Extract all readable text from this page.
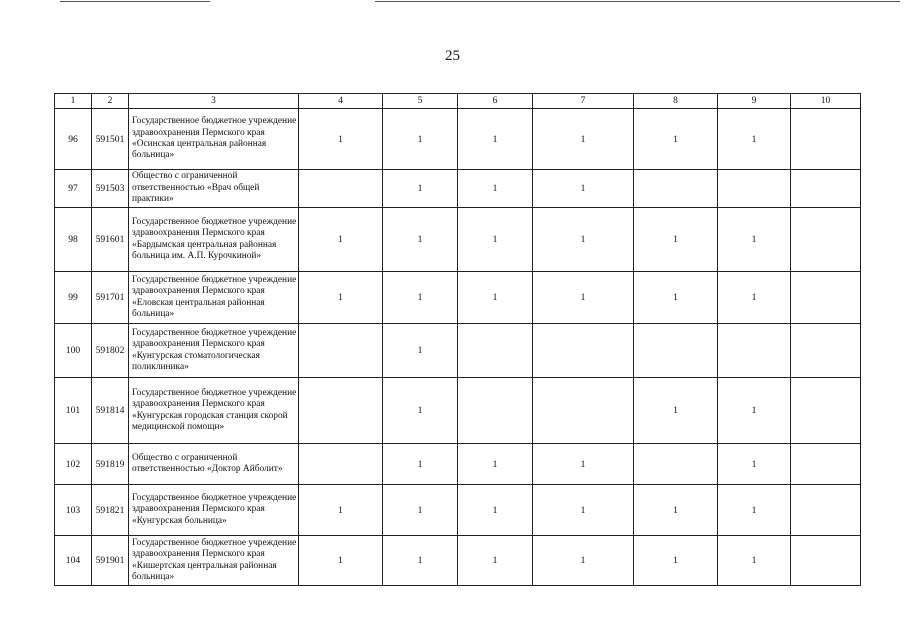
25
1	2	3	4	5	6	7	8	9	10
96	591501	Государственное бюджетное учреждение здравоохранения Пермского края «Осинская центральная районная больница»	1	1	1	1	1	1	
97	591503	Общество с ограниченной ответственностью «Врач общей практики»		1	1	1			
98	591601	Государственное бюджетное учреждение здравоохранения Пермского края «Бардымская центральная районная больница им. А.П. Курочкиной»	1	1	1	1	1	1	
99	591701	Государственное бюджетное учреждение здравоохранения Пермского края «Еловская центральная районная больница»	1	1	1	1	1	1	
100	591802	Государственное бюджетное учреждение здравоохранения Пермского края «Кунгурская стоматологическая поликлиника»		1					
101	591814	Государственное бюджетное учреждение здравоохранения Пермского края «Кунгурская городская станция скорой медицинской помощи»		1			1	1	
102	591819	Общество с ограниченной ответственностью «Доктор Айболит»		1	1	1		1	
103	591821	Государственное бюджетное учреждение здравоохранения Пермского края «Кунгурская больница»	1	1	1	1	1	1	
104	591901	Государственное бюджетное учреждение здравоохранения Пермского края «Кишертская центральная районная больница»	1	1	1	1	1	1	
